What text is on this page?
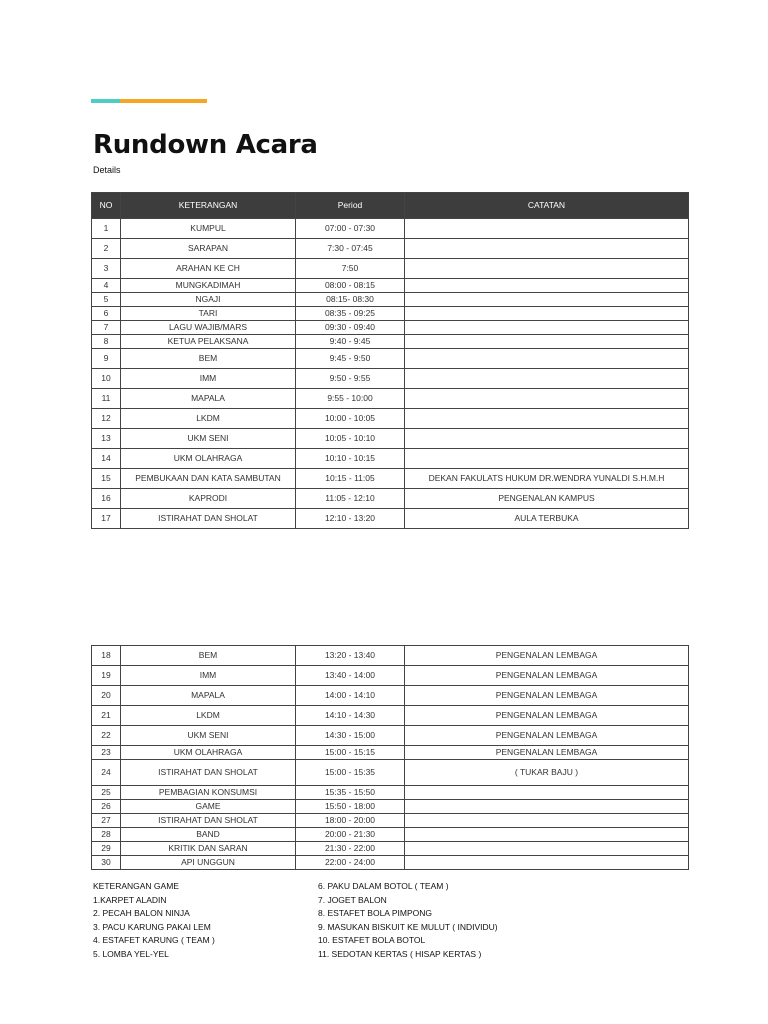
Rundown Acara
Details
NO	KETERANGAN	Period	CATATAN
1	KUMPUL	07:00 - 07:30	
2	SARAPAN	7:30 - 07:45	
3	ARAHAN KE CH	7:50	
4	MUNGKADIMAH	08:00 - 08:15	
5	NGAJI	08:15- 08:30	
6	TARI	08:35 - 09:25	
7	LAGU WAJIB/MARS	09:30 - 09:40	
8	KETUA PELAKSANA	9:40 - 9:45	
9	BEM	9:45 - 9:50	
10	IMM	9:50 - 9:55	
11	MAPALA	9:55 - 10:00	
12	LKDM	10:00 - 10:05	
13	UKM SENI	10:05 - 10:10	
14	UKM OLAHRAGA	10:10 - 10:15	
15	PEMBUKAAN DAN KATA SAMBUTAN	10:15 - 11:05	DEKAN FAKULATS HUKUM DR.WENDRA YUNALDI S.H.M.H
16	KAPRODI	11:05 - 12:10	PENGENALAN KAMPUS
17	ISTIRAHAT DAN SHOLAT	12:10 - 13:20	AULA TERBUKA
18	BEM	13:20 - 13:40	PENGENALAN LEMBAGA
19	IMM	13:40 - 14:00	PENGENALAN LEMBAGA
20	MAPALA	14:00 - 14:10	PENGENALAN LEMBAGA
21	LKDM	14:10 - 14:30	PENGENALAN LEMBAGA
22	UKM SENI	14:30 - 15:00	PENGENALAN LEMBAGA
23	UKM OLAHRAGA	15:00 - 15:15	PENGENALAN LEMBAGA
24	ISTIRAHAT DAN SHOLAT	15:00 - 15:35	( TUKAR BAJU )
25	PEMBAGIAN KONSUMSI	15:35 - 15:50	
26	GAME	15:50 - 18:00	
27	ISTIRAHAT DAN SHOLAT	18:00 - 20:00	
28	BAND	20:00 - 21:30	
29	KRITIK DAN SARAN	21:30 - 22:00	
30	API UNGGUN	22:00 - 24:00	
KETERANGAN GAME
1.KARPET ALADIN
2. PECAH BALON NINJA
3. PACU KARUNG PAKAI LEM
4. ESTAFET KARUNG ( TEAM )
5. LOMBA YEL-YEL
6. PAKU DALAM BOTOL ( TEAM )
7. JOGET BALON
8. ESTAFET BOLA PIMPONG
9. MASUKAN BISKUIT KE MULUT ( INDIVIDU)
10. ESTAFET BOLA BOTOL
11. SEDOTAN KERTAS ( HISAP KERTAS )
